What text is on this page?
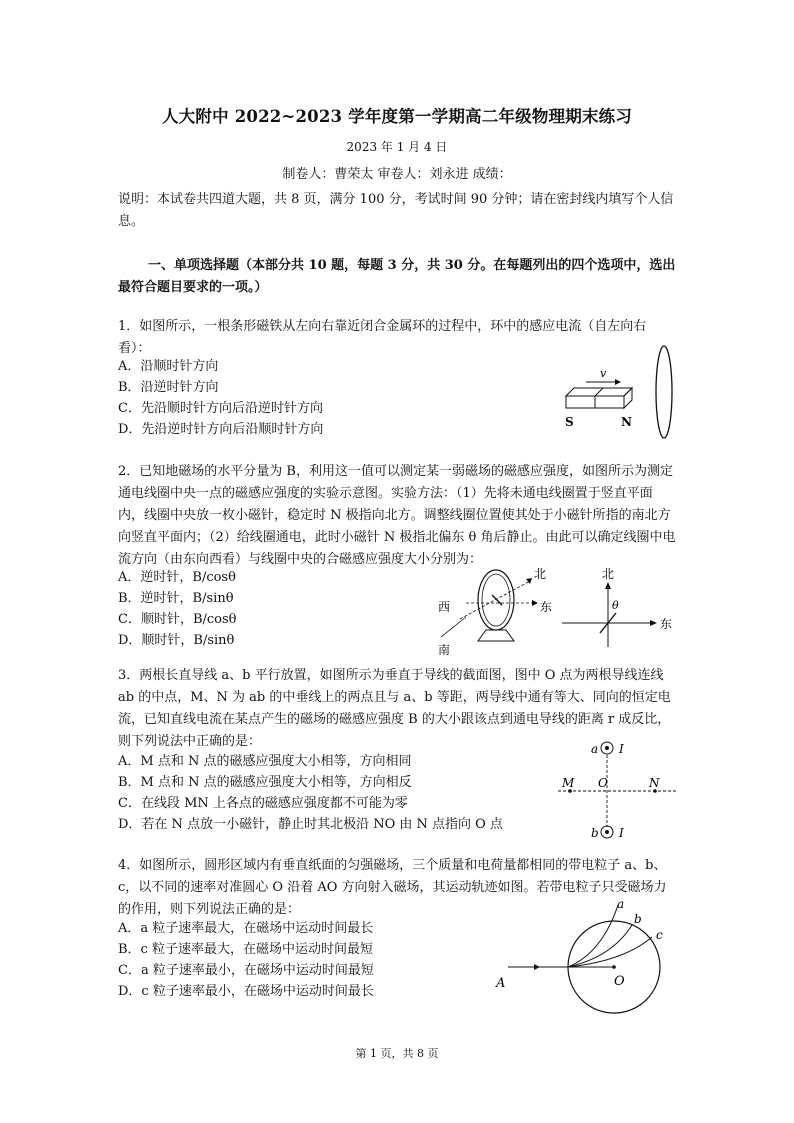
人大附中 2022~2023 学年度第一学期高二年级物理期末练习
2023 年 1 月 4 日
制卷人：曹荣太 审卷人：刘永进 成绩：
说明：本试卷共四道大题，共 8 页，满分 100 分，考试时间 90 分钟；请在密封线内填写个人信息。
一、单项选择题（本部分共 10 题，每题 3 分，共 30 分。在每题列出的四个选项中，选出最符合题目要求的一项。）
1．如图所示，一根条形磁铁从左向右靠近闭合金属环的过程中，环中的感应电流（自左向右看）：
A．沿顺时针方向
B．沿逆时针方向
C．先沿顺时针方向后沿逆时针方向
D．先沿逆时针方向后沿顺时针方向
v
S	N
2．已知地磁场的水平分量为 B，利用这一值可以测定某一弱磁场的磁感应强度，如图所示为测定通电线圈中央一点的磁感应强度的实验示意图。实验方法：（1）先将未通电线圈置于竖直平面内，线圈中央放一枚小磁针，稳定时 N 极指向北方。调整线圈位置使其处于小磁针所指的南北方向竖直平面内；（2）给线圈通电，此时小磁针 N 极指北偏东 θ 角后静止。由此可以确定线圈中电流方向（由东向西看）与线圈中央的合磁感应强度大小分别为：
A．逆时针，B/cosθ
B．逆时针，B/sinθ
C．顺时针，B/cosθ
D．顺时针，B/sinθ
北
西	东
南
北
东
θ
3．两根长直导线 a、b 平行放置，如图所示为垂直于导线的截面图，图中 O 点为两根导线连线 ab 的中点，M、N 为 ab 的中垂线上的两点且与 a、b 等距，两导线中通有等大、同向的恒定电流，已知直线电流在某点产生的磁场的磁感应强度 B 的大小跟该点到通电导线的距离 r 成反比，则下列说法中正确的是：
A．M 点和 N 点的磁感应强度大小相等，方向相同
B．M 点和 N 点的磁感应强度大小相等，方向相反
C．在线段 MN 上各点的磁感应强度都不可能为零
D．若在 N 点放一小磁针，静止时其北极沿 NO 由 N 点指向 O 点
a I
b I
M O	N
4．如图所示，圆形区域内有垂直纸面的匀强磁场，三个质量和电荷量都相同的带电粒子 a、b、c，以不同的速率对准圆心 O 沿着 AO 方向射入磁场，其运动轨迹如图。若带电粒子只受磁场力的作用，则下列说法正确的是：
A．a 粒子速率最大，在磁场中运动时间最长
B．c 粒子速率最大，在磁场中运动时间最短
C．a 粒子速率最小，在磁场中运动时间最短
D．c 粒子速率最小，在磁场中运动时间最长
a
b
c
A	O
第 1 页，共 8 页
